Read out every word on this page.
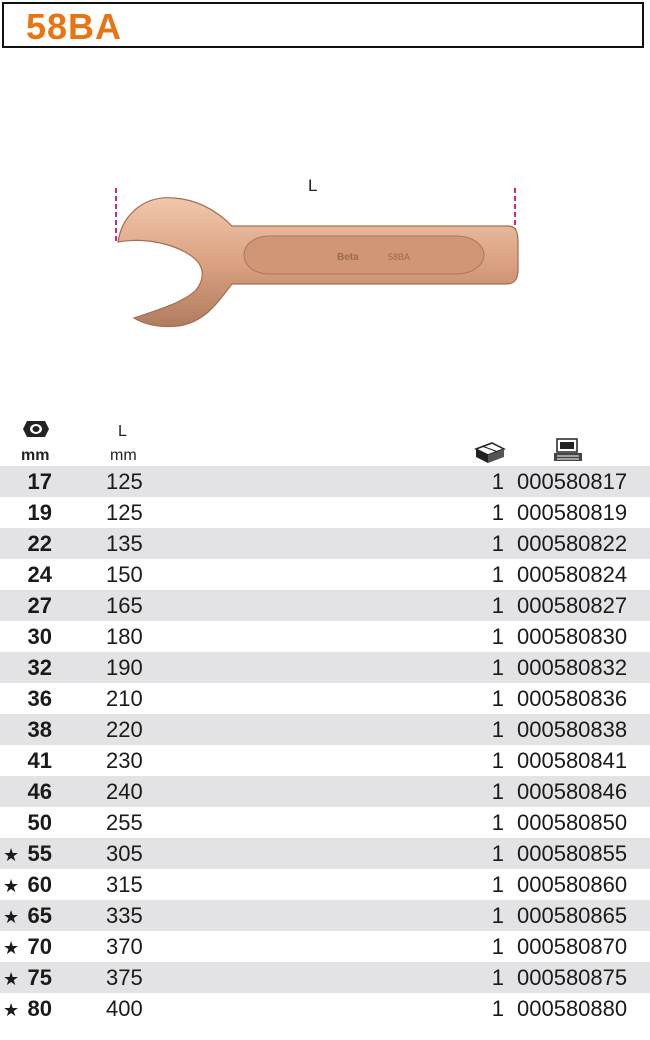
58BA
L
Beta	58BA
mm
L
mm
17 125	1 000580817
19 125	1 000580819
22 135	1 000580822
24 150	1 000580824
27 165	1 000580827
30 180	1 000580830
32 190	1 000580832
36 210	1 000580836
38 220	1 000580838
41 230	1 000580841
46 240	1 000580846
50 255	1 000580850
★ 55 305	1 000580855
★ 60 315	1 000580860
★ 65 335	1 000580865
★ 70 370	1 000580870
★ 75 375	1 000580875
★ 80 400	1 000580880
